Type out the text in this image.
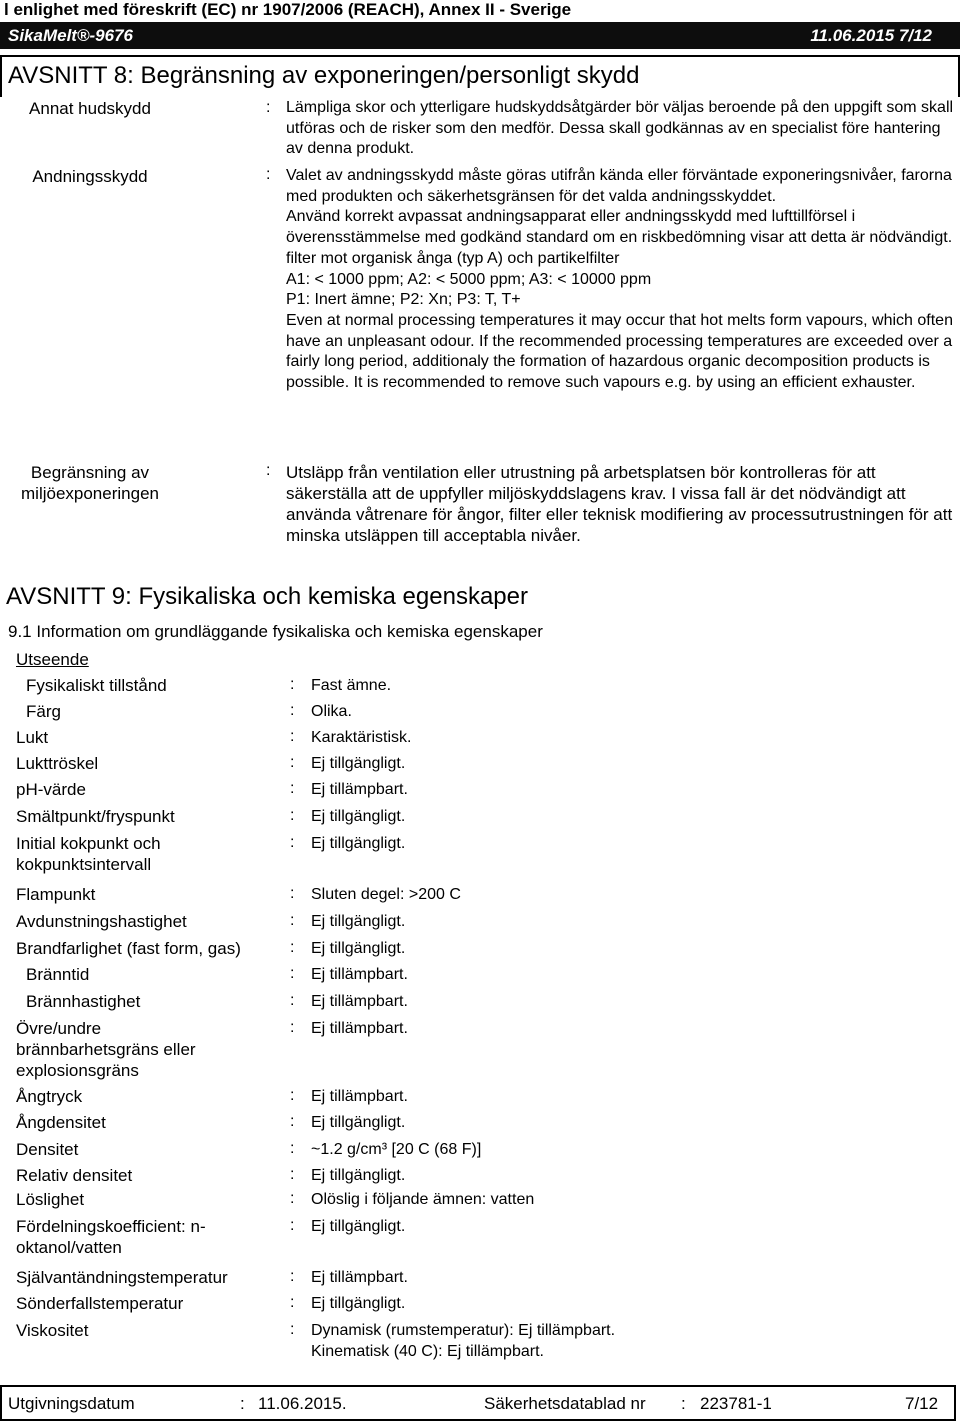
l enlighet med föreskrift (EC) nr 1907/2006 (REACH), Annex II - Sverige
SikaMelt®-9676	11.06.2015 7/12
AVSNITT 8: Begränsning av exponeringen/personligt skydd
Annat hudskydd	: Lämpliga skor och ytterligare hudskyddsåtgärder bör väljas beroende på den uppgift som skall utföras och de risker som den medför. Dessa skall godkännas av en specialist före hantering av denna produkt.
Andningsskydd	: Valet av andningsskydd måste göras utifrån kända eller förväntade exponeringsnivåer, farorna med produkten och säkerhetsgränsen för det valda andningsskyddet.
Använd korrekt avpassat andningsapparat eller andningsskydd med lufttillförsel i överensstämmelse med godkänd standard om en riskbedömning visar att detta är nödvändigt.
filter mot organisk ånga (typ A) och partikelfilter
A1: < 1000 ppm; A2: < 5000 ppm; A3: < 10000 ppm
P1: Inert ämne; P2: Xn; P3: T, T+
Even at normal processing temperatures it may occur that hot melts form vapours, which often have an unpleasant odour. If the recommended processing temperatures are exceeded over a fairly long period, additionaly the formation of hazardous organic decomposition products is possible. It is recommended to remove such vapours e.g. by using an efficient exhauster.
Begränsning av miljöexponeringen
: Utsläpp från ventilation eller utrustning på arbetsplatsen bör kontrolleras för att säkerställa att de uppfyller miljöskyddslagens krav. I vissa fall är det nödvändigt att använda våtrenare för ångor, filter eller teknisk modifiering av processutrustningen för att minska utsläppen till acceptabla nivåer.
AVSNITT 9: Fysikaliska och kemiska egenskaper
9.1 Information om grundläggande fysikaliska och kemiska egenskaper
Utseende
Fysikaliskt tillstånd	: Fast ämne.
Färg	: Olika.
Lukt	: Karaktäristisk.
Lukttröskel	: Ej tillgängligt.
pH-värde	: Ej tillämpbart.
Smältpunkt/fryspunkt	: Ej tillgängligt.
Initial kokpunkt och kokpunktsintervall
: Ej tillgängligt.
Flampunkt	: Sluten degel: >200 C
Avdunstningshastighet	: Ej tillgängligt.
Brandfarlighet (fast form, gas)	: Ej tillgängligt.
Bränntid	: Ej tillämpbart.
Brännhastighet	: Ej tillämpbart.
Övre/undre brännbarhetsgräns eller explosionsgräns
: Ej tillämpbart.
Ångtryck	: Ej tillämpbart.
Ångdensitet	: Ej tillgängligt.
Densitet	: ~1.2 g/cm³ [20 C (68 F)]
Relativ densitet	: Ej tillgängligt.
Löslighet	: Olöslig i följande ämnen: vatten
Fördelningskoefficient: n-oktanol/vatten
: Ej tillgängligt.
Självantändningstemperatur	: Ej tillämpbart.
Sönderfallstemperatur	: Ej tillgängligt.
Viskositet	: Dynamisk (rumstemperatur): Ej tillämpbart.
Kinematisk (40 C): Ej tillämpbart.
Utgivningsdatum	: 11.06.2015.	Säkerhetsdatablad nr : 223781-1	7/12
